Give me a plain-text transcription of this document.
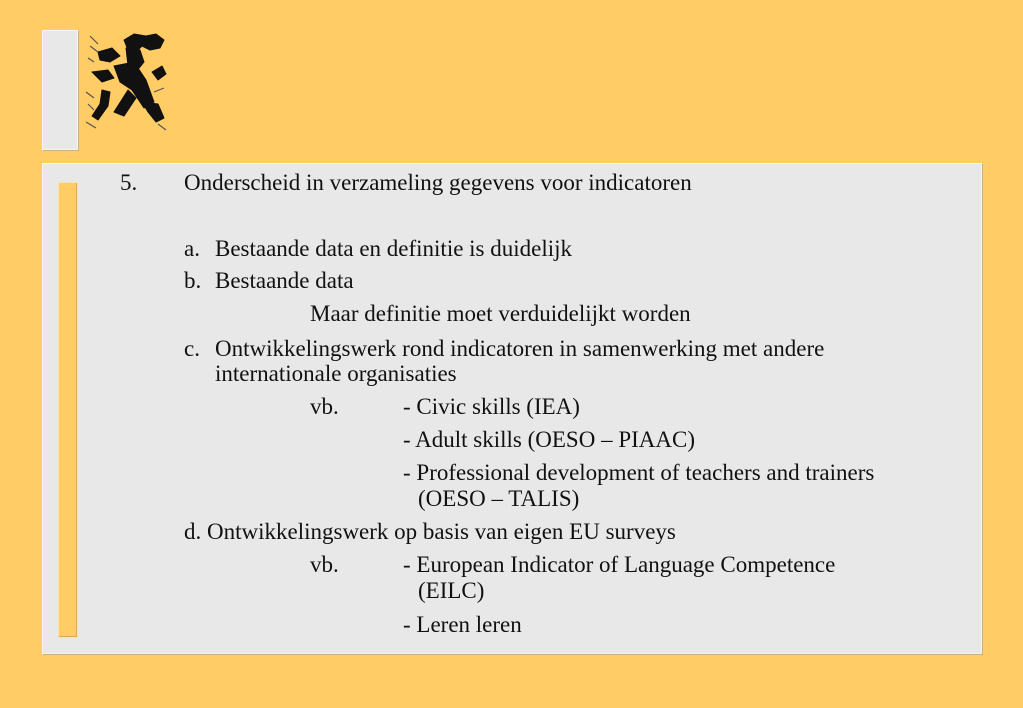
5. Onderscheid in verzameling gegevens voor indicatoren
a. Bestaande data en definitie is duidelijk
b. Bestaande data
Maar definitie moet verduidelijkt worden
c. Ontwikkelingswerk rond indicatoren in samenwerking met andere
internationale organisaties
vb.	- Civic skills (IEA)
- Adult skills (OESO – PIAAC)
- Professional development of teachers and trainers
(OESO – TALIS)
d. Ontwikkelingswerk op basis van eigen EU surveys
vb.	- European Indicator of Language Competence
(EILC)
- Leren leren
